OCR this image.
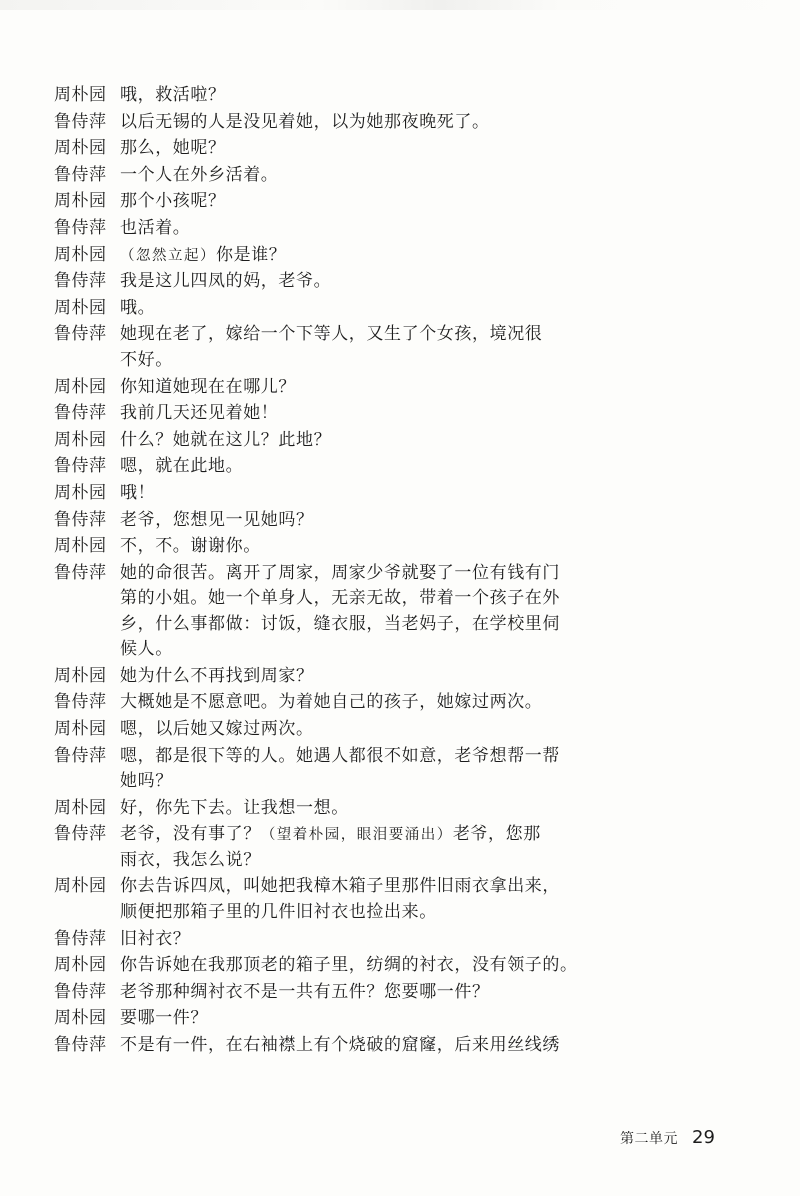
周朴园 哦，救活啦？
鲁侍萍 以后无锡的人是没见着她，以为她那夜晚死了。
周朴园 那么，她呢？
鲁侍萍 一个人在外乡活着。
周朴园 那个小孩呢？
鲁侍萍 也活着。
周朴园 （忽然立起）你是谁？
鲁侍萍 我是这儿四凤的妈，老爷。
周朴园 哦。
鲁侍萍 她现在老了，嫁给一个下等人，又生了个女孩，境况很
不好。
周朴园 你知道她现在在哪儿？
鲁侍萍 我前几天还见着她！
周朴园 什么？她就在这儿？此地？
鲁侍萍 嗯，就在此地。
周朴园 哦！
鲁侍萍 老爷，您想见一见她吗？
周朴园 不，不。谢谢你。
鲁侍萍 她的命很苦。离开了周家，周家少爷就娶了一位有钱有门
第的小姐。她一个单身人，无亲无故，带着一个孩子在外
乡，什么事都做：讨饭，缝衣服，当老妈子，在学校里伺
候人。
周朴园 她为什么不再找到周家？
鲁侍萍 大概她是不愿意吧。为着她自己的孩子，她嫁过两次。
周朴园 嗯，以后她又嫁过两次。
鲁侍萍 嗯，都是很下等的人。她遇人都很不如意，老爷想帮一帮
她吗？
周朴园 好，你先下去。让我想一想。
鲁侍萍 老爷，没有事了？（望着朴园，眼泪要涌出）老爷，您那
雨衣，我怎么说？
周朴园 你去告诉四凤，叫她把我樟木箱子里那件旧雨衣拿出来，
顺便把那箱子里的几件旧衬衣也捡出来。
鲁侍萍 旧衬衣？
周朴园 你告诉她在我那顶老的箱子里，纺绸的衬衣，没有领子的。
鲁侍萍 老爷那种绸衬衣不是一共有五件？您要哪一件？
周朴园 要哪一件？
鲁侍萍 不是有一件，在右袖襟上有个烧破的窟窿，后来用丝线绣
第二单元 29
